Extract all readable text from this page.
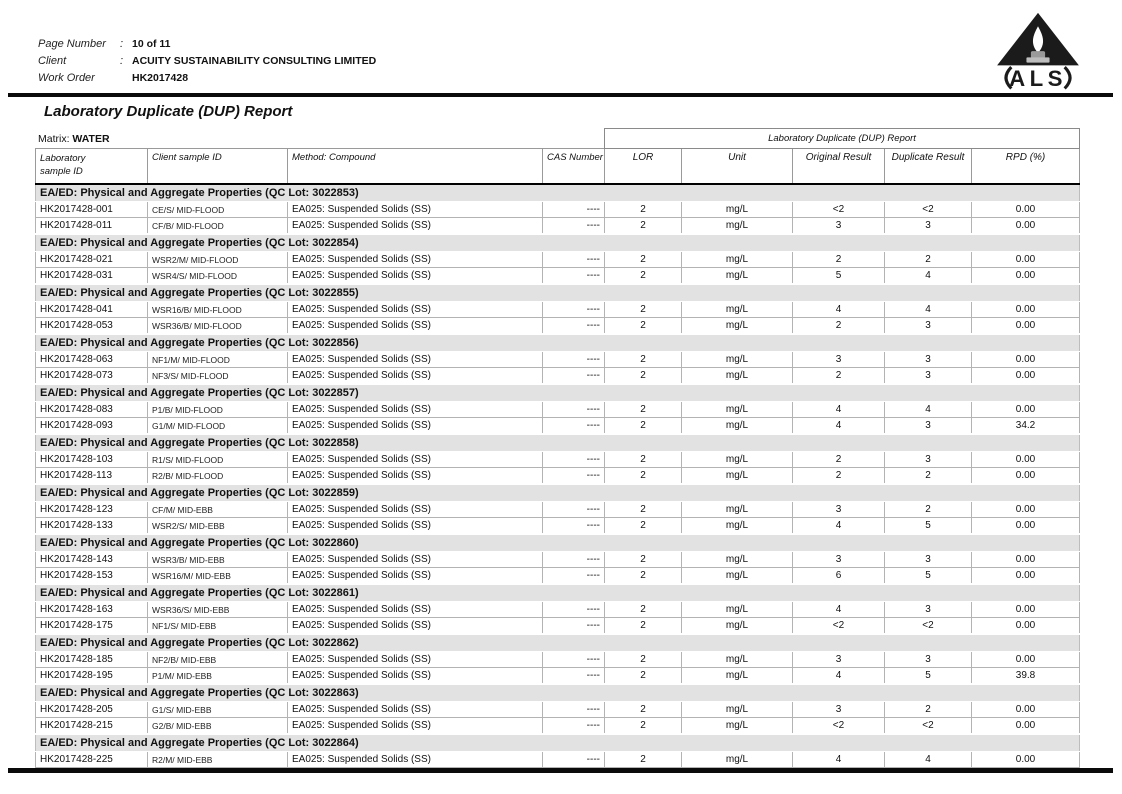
Page Number : 10 of 11
Client	: ACUITY SUSTAINABILITY CONSULTING LIMITED
Work Order	HK2017428	ALS
Laboratory Duplicate (DUP) Report
Matrix: WATER
				Laboratory Duplicate (DUP) Report				

Laboratory
sample ID	Client sample ID	Method: Compound	CAS Number	LOR	Unit	Original Result	Duplicate Result	RPD (%)
EA/ED: Physical and Aggregate Properties (QC Lot: 3022853)								
HK2017428-001	CE/S/ MID-FLOOD	EA025: Suspended Solids (SS)	----	2	mg/L	<2	<2	0.00
HK2017428-011	CF/B/ MID-FLOOD	EA025: Suspended Solids (SS)	----	2	mg/L	3	3	0.00
EA/ED: Physical and Aggregate Properties (QC Lot: 3022854)								
HK2017428-021	WSR2/M/ MID-FLOOD	EA025: Suspended Solids (SS)	----	2	mg/L	2	2	0.00
HK2017428-031	WSR4/S/ MID-FLOOD	EA025: Suspended Solids (SS)	----	2	mg/L	5	4	0.00
EA/ED: Physical and Aggregate Properties (QC Lot: 3022855)								
HK2017428-041	WSR16/B/ MID-FLOOD	EA025: Suspended Solids (SS)	----	2	mg/L	4	4	0.00
HK2017428-053	WSR36/B/ MID-FLOOD	EA025: Suspended Solids (SS)	----	2	mg/L	2	3	0.00
EA/ED: Physical and Aggregate Properties (QC Lot: 3022856)								
HK2017428-063	NF1/M/ MID-FLOOD	EA025: Suspended Solids (SS)	----	2	mg/L	3	3	0.00
HK2017428-073	NF3/S/ MID-FLOOD	EA025: Suspended Solids (SS)	----	2	mg/L	2	3	0.00
EA/ED: Physical and Aggregate Properties (QC Lot: 3022857)								
HK2017428-083	P1/B/ MID-FLOOD	EA025: Suspended Solids (SS)	----	2	mg/L	4	4	0.00
HK2017428-093	G1/M/ MID-FLOOD	EA025: Suspended Solids (SS)	----	2	mg/L	4	3	34.2
EA/ED: Physical and Aggregate Properties (QC Lot: 3022858)								
HK2017428-103	R1/S/ MID-FLOOD	EA025: Suspended Solids (SS)	----	2	mg/L	2	3	0.00
HK2017428-113	R2/B/ MID-FLOOD	EA025: Suspended Solids (SS)	----	2	mg/L	2	2	0.00
EA/ED: Physical and Aggregate Properties (QC Lot: 3022859)								
HK2017428-123	CF/M/ MID-EBB	EA025: Suspended Solids (SS)	----	2	mg/L	3	2	0.00
HK2017428-133	WSR2/S/ MID-EBB	EA025: Suspended Solids (SS)	----	2	mg/L	4	5	0.00
EA/ED: Physical and Aggregate Properties (QC Lot: 3022860)								
HK2017428-143	WSR3/B/ MID-EBB	EA025: Suspended Solids (SS)	----	2	mg/L	3	3	0.00
HK2017428-153	WSR16/M/ MID-EBB	EA025: Suspended Solids (SS)	----	2	mg/L	6	5	0.00
EA/ED: Physical and Aggregate Properties (QC Lot: 3022861)								
HK2017428-163	WSR36/S/ MID-EBB	EA025: Suspended Solids (SS)	----	2	mg/L	4	3	0.00
HK2017428-175	NF1/S/ MID-EBB	EA025: Suspended Solids (SS)	----	2	mg/L	<2	<2	0.00
EA/ED: Physical and Aggregate Properties (QC Lot: 3022862)								
HK2017428-185	NF2/B/ MID-EBB	EA025: Suspended Solids (SS)	----	2	mg/L	3	3	0.00
HK2017428-195	P1/M/ MID-EBB	EA025: Suspended Solids (SS)	----	2	mg/L	4	5	39.8
EA/ED: Physical and Aggregate Properties (QC Lot: 3022863)								
HK2017428-205	G1/S/ MID-EBB	EA025: Suspended Solids (SS)	----	2	mg/L	3	2	0.00
HK2017428-215	G2/B/ MID-EBB	EA025: Suspended Solids (SS)	----	2	mg/L	<2	<2	0.00
EA/ED: Physical and Aggregate Properties (QC Lot: 3022864)								
HK2017428-225	R2/M/ MID-EBB	EA025: Suspended Solids (SS)	----	2	mg/L	4	4	0.00
